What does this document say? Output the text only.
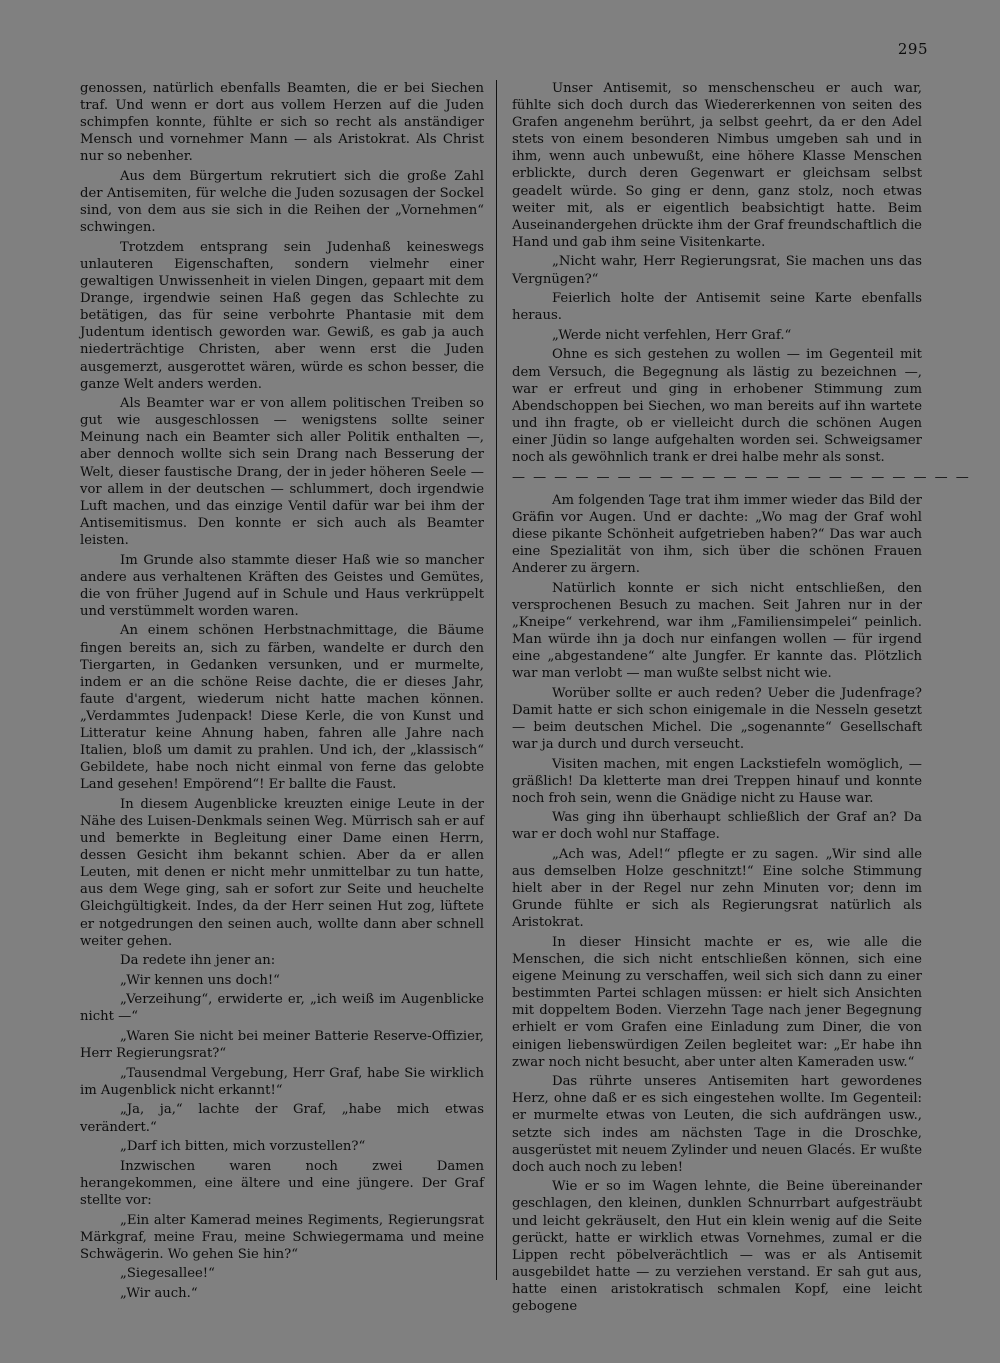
295

genossen, natürlich ebenfalls Beamten, die er bei Siechen traf. Und wenn er dort aus vollem Herzen auf die Juden schimpfen konnte, fühlte er sich so recht als anständiger Mensch und vornehmer Mann — als Aristokrat. Als Christ nur so nebenher.

Aus dem Bürgertum rekrutiert sich die große Zahl der Antisemiten, für welche die Juden sozusagen der Sockel sind, von dem aus sie sich in die Reihen der „Vornehmen“ schwingen.

Trotzdem entsprang sein Judenhaß keineswegs unlauteren Eigenschaften, sondern vielmehr einer gewaltigen Unwissenheit in vielen Dingen, gepaart mit dem Drange, irgendwie seinen Haß gegen das Schlechte zu betätigen, das für seine verbohrte Phantasie mit dem Judentum identisch geworden war. Gewiß, es gab ja auch niederträchtige Christen, aber wenn erst die Juden ausgemerzt, ausgerottet wären, würde es schon besser, die ganze Welt anders werden.

Als Beamter war er von allem politischen Treiben so gut wie ausgeschlossen — wenigstens sollte seiner Meinung nach ein Beamter sich aller Politik enthalten —, aber dennoch wollte sich sein Drang nach Besserung der Welt, dieser faustische Drang, der in jeder höheren Seele — vor allem in der deutschen — schlummert, doch irgendwie Luft machen, und das einzige Ventil dafür war bei ihm der Antisemitismus. Den konnte er sich auch als Beamter leisten.

Im Grunde also stammte dieser Haß wie so mancher andere aus verhaltenen Kräften des Geistes und Gemütes, die von früher Jugend auf in Schule und Haus verkrüppelt und verstümmelt worden waren.

An einem schönen Herbstnachmittage, die Bäume fingen bereits an, sich zu färben, wandelte er durch den Tiergarten, in Gedanken versunken, und er murmelte, indem er an die schöne Reise dachte, die er dieses Jahr, faute d'argent, wiederum nicht hatte machen können. „Verdammtes Judenpack! Diese Kerle, die von Kunst und Litteratur keine Ahnung haben, fahren alle Jahre nach Italien, bloß um damit zu prahlen. Und ich, der „klassisch“ Gebildete, habe noch nicht einmal von ferne das gelobte Land gesehen! Empörend“! Er ballte die Faust.

In diesem Augenblicke kreuzten einige Leute in der Nähe des Luisen-Denkmals seinen Weg. Mürrisch sah er auf und bemerkte in Begleitung einer Dame einen Herrn, dessen Gesicht ihm bekannt schien. Aber da er allen Leuten, mit denen er nicht mehr unmittelbar zu tun hatte, aus dem Wege ging, sah er sofort zur Seite und heuchelte Gleichgültigkeit. Indes, da der Herr seinen Hut zog, lüftete er notgedrungen den seinen auch, wollte dann aber schnell weiter gehen.

Da redete ihn jener an:

„Wir kennen uns doch!“

„Verzeihung“, erwiderte er, „ich weiß im Augenblicke nicht —“

„Waren Sie nicht bei meiner Batterie Reserve-Offizier, Herr Regierungsrat?“

„Tausendmal Vergebung, Herr Graf, habe Sie wirklich im Augenblick nicht erkannt!“

„Ja, ja,“ lachte der Graf, „habe mich etwas verändert.“

„Darf ich bitten, mich vorzustellen?“

Inzwischen waren noch zwei Damen herangekommen, eine ältere und eine jüngere. Der Graf stellte vor:

„Ein alter Kamerad meines Regiments, Regierungsrat Märkgraf, meine Frau, meine Schwiegermama und meine Schwägerin. Wo gehen Sie hin?“

„Siegesallee!“

„Wir auch.“

Unser Antisemit, so menschenscheu er auch war, fühlte sich doch durch das Wiedererkennen von seiten des Grafen angenehm berührt, ja selbst geehrt, da er den Adel stets von einem besonderen Nimbus umgeben sah und in ihm, wenn auch unbewußt, eine höhere Klasse Menschen erblickte, durch deren Gegenwart er gleichsam selbst geadelt würde. So ging er denn, ganz stolz, noch etwas weiter mit, als er eigentlich beabsichtigt hatte. Beim Auseinandergehen drückte ihm der Graf freundschaftlich die Hand und gab ihm seine Visitenkarte.

„Nicht wahr, Herr Regierungsrat, Sie machen uns das Vergnügen?“

Feierlich holte der Antisemit seine Karte ebenfalls heraus.

„Werde nicht verfehlen, Herr Graf.“

Ohne es sich gestehen zu wollen — im Gegenteil mit dem Versuch, die Begegnung als lästig zu bezeichnen —, war er erfreut und ging in erhobener Stimmung zum Abendschoppen bei Siechen, wo man bereits auf ihn wartete und ihn fragte, ob er vielleicht durch die schönen Augen einer Jüdin so lange aufgehalten worden sei. Schweigsamer noch als gewöhnlich trank er drei halbe mehr als sonst.

— — — — — — — — — — — — — — — — — — — — — —

Am folgenden Tage trat ihm immer wieder das Bild der Gräfin vor Augen. Und er dachte: „Wo mag der Graf wohl diese pikante Schönheit aufgetrieben haben?“ Das war auch eine Spezialität von ihm, sich über die schönen Frauen Anderer zu ärgern.

Natürlich konnte er sich nicht entschließen, den versprochenen Besuch zu machen. Seit Jahren nur in der „Kneipe“ verkehrend, war ihm „Familiensimpelei“ peinlich. Man würde ihn ja doch nur einfangen wollen — für irgend eine „abgestandene“ alte Jungfer. Er kannte das. Plötzlich war man verlobt — man wußte selbst nicht wie.

Worüber sollte er auch reden? Ueber die Judenfrage? Damit hatte er sich schon einigemale in die Nesseln gesetzt — beim deutschen Michel. Die „sogenannte“ Gesellschaft war ja durch und durch verseucht.

Visiten machen, mit engen Lackstiefeln womöglich, — gräßlich! Da kletterte man drei Treppen hinauf und konnte noch froh sein, wenn die Gnädige nicht zu Hause war.

Was ging ihn überhaupt schließlich der Graf an? Da war er doch wohl nur Staffage.

„Ach was, Adel!“ pflegte er zu sagen. „Wir sind alle aus demselben Holze geschnitzt!“ Eine solche Stimmung hielt aber in der Regel nur zehn Minuten vor; denn im Grunde fühlte er sich als Regierungsrat natürlich als Aristokrat.

In dieser Hinsicht machte er es, wie alle die Menschen, die sich nicht entschließen können, sich eine eigene Meinung zu verschaffen, weil sich sich dann zu einer bestimmten Partei schlagen müssen: er hielt sich Ansichten mit doppeltem Boden. Vierzehn Tage nach jener Begegnung erhielt er vom Grafen eine Einladung zum Diner, die von einigen liebenswürdigen Zeilen begleitet war: „Er habe ihn zwar noch nicht besucht, aber unter alten Kameraden usw.“

Das rührte unseres Antisemiten hart gewordenes Herz, ohne daß er es sich eingestehen wollte. Im Gegenteil: er murmelte etwas von Leuten, die sich aufdrängen usw., setzte sich indes am nächsten Tage in die Droschke, ausgerüstet mit neuem Zylinder und neuen Glacés. Er wußte doch auch noch zu leben!

Wie er so im Wagen lehnte, die Beine übereinander geschlagen, den kleinen, dunklen Schnurrbart aufgesträubt und leicht gekräuselt, den Hut ein klein wenig auf die Seite gerückt, hatte er wirklich etwas Vornehmes, zumal er die Lippen recht pöbelverächtlich — was er als Antisemit ausgebildet hatte — zu verziehen verstand. Er sah gut aus, hatte einen aristokratisch schmalen Kopf, eine leicht gebogene
